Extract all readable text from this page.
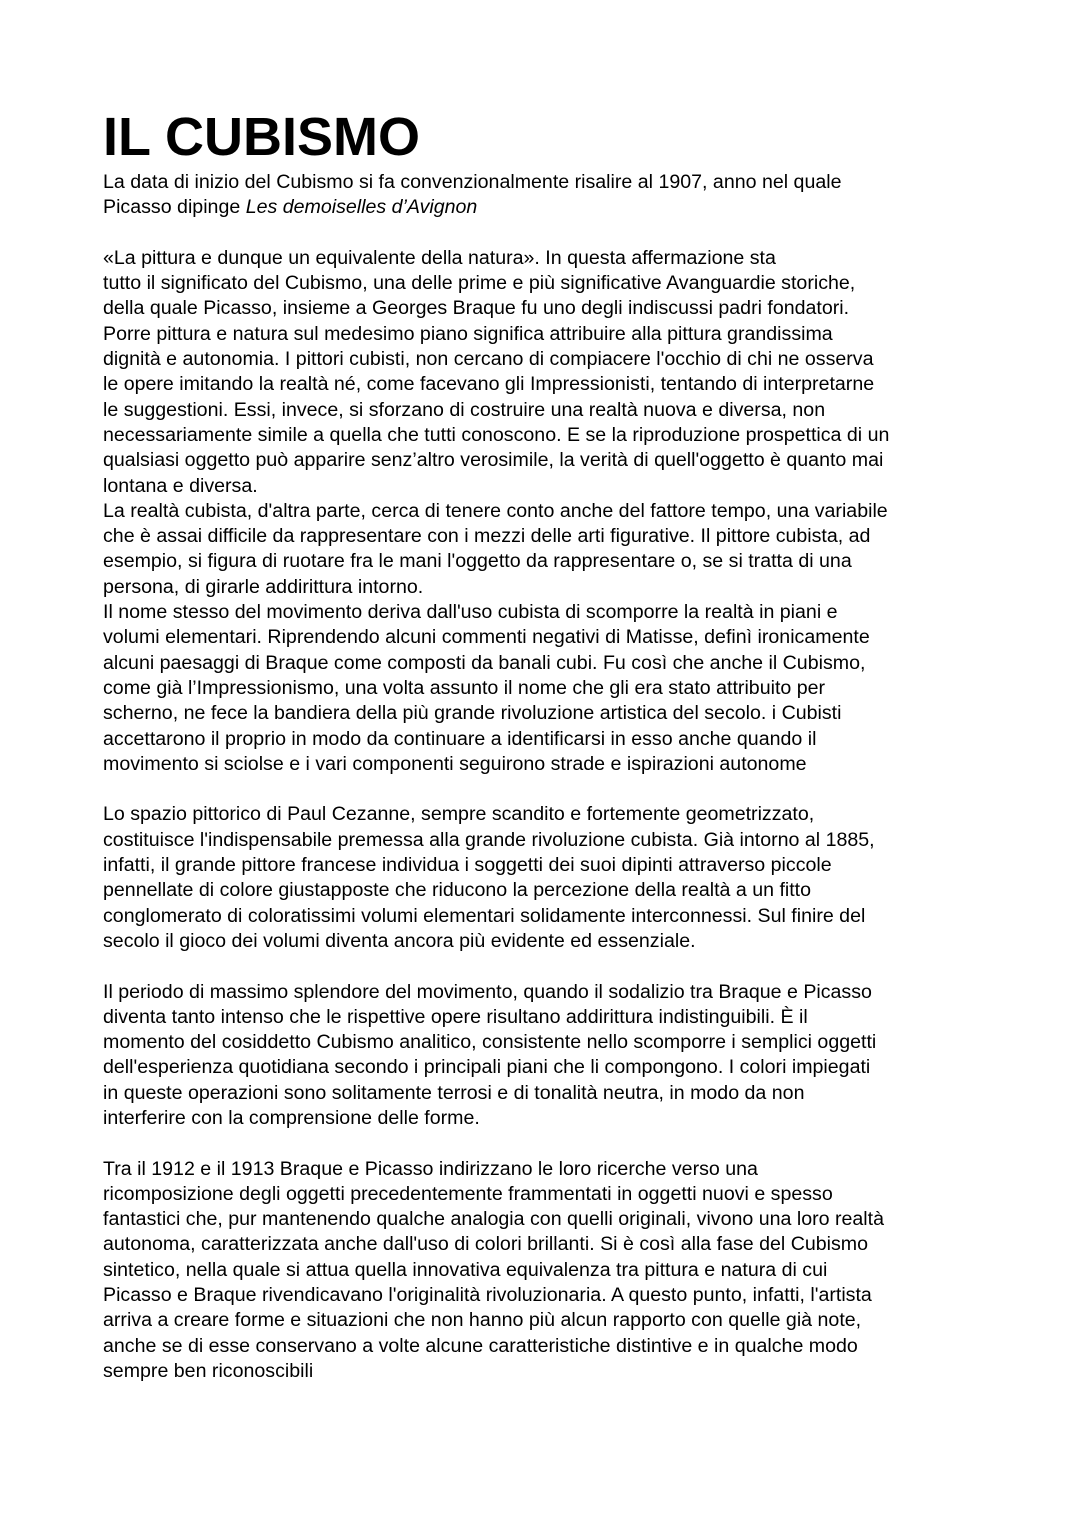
IL CUBISMO

La data di inizio del Cubismo si fa convenzionalmente risalire al 1907, anno nel quale
Picasso dipinge Les demoiselles d’Avignon

«La pittura e dunque un equivalente della natura». In questa affermazione sta
tutto il significato del Cubismo, una delle prime e più significative Avanguardie storiche,
della quale Picasso, insieme a Georges Braque fu uno degli indiscussi padri fondatori.
Porre pittura e natura sul medesimo piano significa attribuire alla pittura grandissima
dignità e autonomia. I pittori cubisti, non cercano di compiacere l'occhio di chi ne osserva
le opere imitando la realtà né, come facevano gli Impressionisti, tentando di interpretarne
le suggestioni. Essi, invece, si sforzano di costruire una realtà nuova e diversa, non
necessariamente simile a quella che tutti conoscono. E se la riproduzione prospettica di un
qualsiasi oggetto può apparire senz’altro verosimile, la verità di quell'oggetto è quanto mai
lontana e diversa.
La realtà cubista, d'altra parte, cerca di tenere conto anche del fattore tempo, una variabile
che è assai difficile da rappresentare con i mezzi delle arti figurative. Il pittore cubista, ad
esempio, si figura di ruotare fra le mani l'oggetto da rappresentare o, se si tratta di una
persona, di girarle addirittura intorno.
Il nome stesso del movimento deriva dall'uso cubista di scomporre la realtà in piani e
volumi elementari. Riprendendo alcuni commenti negativi di Matisse, definì ironicamente
alcuni paesaggi di Braque come composti da banali cubi. Fu così che anche il Cubismo,
come già l’Impressionismo, una volta assunto il nome che gli era stato attribuito per
scherno, ne fece la bandiera della più grande rivoluzione artistica del secolo. i Cubisti
accettarono il proprio in modo da continuare a identificarsi in esso anche quando il
movimento si sciolse e i vari componenti seguirono strade e ispirazioni autonome

Lo spazio pittorico di Paul Cezanne, sempre scandito e fortemente geometrizzato,
costituisce l'indispensabile premessa alla grande rivoluzione cubista. Già intorno al 1885,
infatti, il grande pittore francese individua i soggetti dei suoi dipinti attraverso piccole
pennellate di colore giustapposte che riducono la percezione della realtà a un fitto
conglomerato di coloratissimi volumi elementari solidamente interconnessi. Sul finire del
secolo il gioco dei volumi diventa ancora più evidente ed essenziale.

Il periodo di massimo splendore del movimento, quando il sodalizio tra Braque e Picasso
diventa tanto intenso che le rispettive opere risultano addirittura indistinguibili. È il
momento del cosiddetto Cubismo analitico, consistente nello scomporre i semplici oggetti
dell'esperienza quotidiana secondo i principali piani che li compongono. I colori impiegati
in queste operazioni sono solitamente terrosi e di tonalità neutra, in modo da non
interferire con la comprensione delle forme.

Tra il 1912 e il 1913 Braque e Picasso indirizzano le loro ricerche verso una
ricomposizione degli oggetti precedentemente frammentati in oggetti nuovi e spesso
fantastici che, pur mantenendo qualche analogia con quelli originali, vivono una loro realtà
autonoma, caratterizzata anche dall'uso di colori brillanti. Si è così alla fase del Cubismo
sintetico, nella quale si attua quella innovativa equivalenza tra pittura e natura di cui
Picasso e Braque rivendicavano l'originalità rivoluzionaria. A questo punto, infatti, l'artista
arriva a creare forme e situazioni che non hanno più alcun rapporto con quelle già note,
anche se di esse conservano a volte alcune caratteristiche distintive e in qualche modo
sempre ben riconoscibili
